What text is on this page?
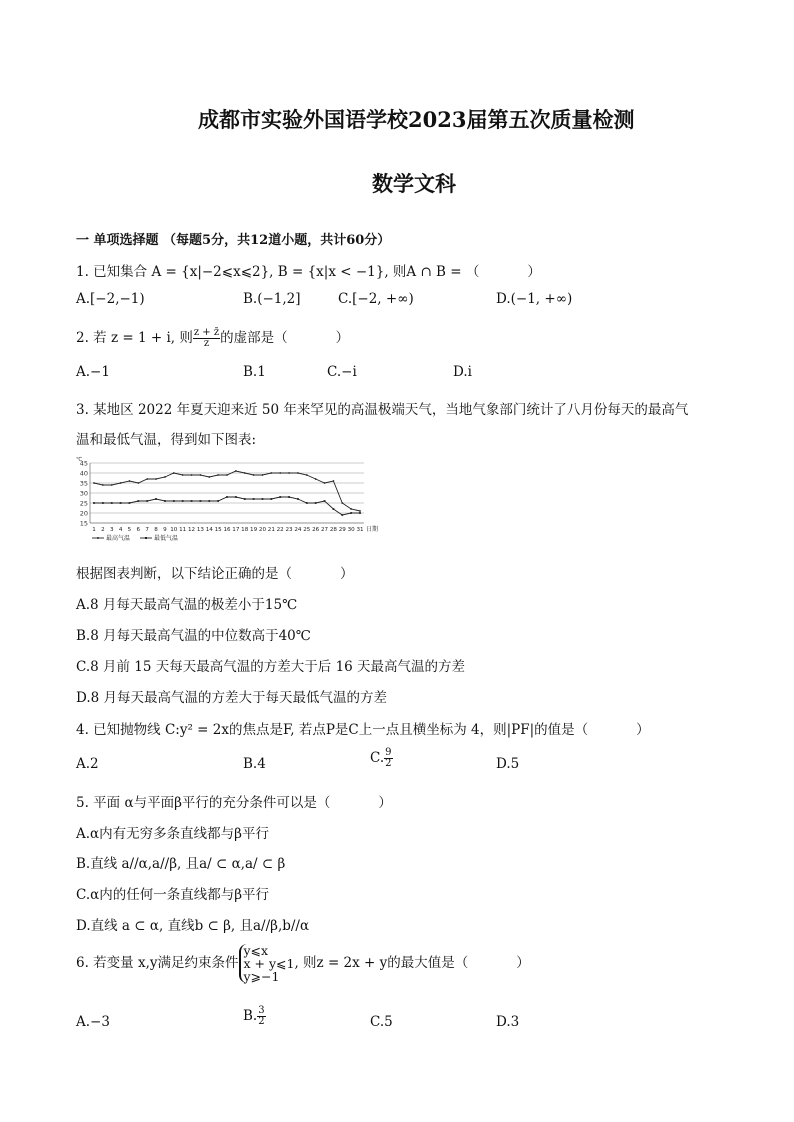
成都市实验外国语学校2023届第五次质量检测
数学文科
一 单项选择题 （每题5分，共12道小题，共计60分）
1. 已知集合 A = {x|−2⩽x⩽2}, B = {x|x < −1}, 则A ∩ B = （	）
A.[−2,−1)	B.(−1,2]	C.[−2, +∞)	D.(−1, +∞)
2. 若 z = 1 + i, 则 $\frac{z + z̄}{z}$ 的虚部是（	）
A.−1	B.1	C.−i	D.i
3. 某地区 2022 年夏天迎来近 50 年来罕见的高温极端天气，当地气象部门统计了八月份每天的最高气
温和最低气温，得到如下图表:
15
20
25
30
35
40
45
℃
1 2 3 4 5 6 7 8 9 10 11 12 13 14 15 16 17 18 19 20 21 22 23 24 25 26 27 28 29 30 31 日期
最高气温	最低气温
根据图表判断，以下结论正确的是（	）
A.8 月每天最高气温的极差小于15℃
B.8 月每天最高气温的中位数高于40℃
C.8 月前 15 天每天最高气温的方差大于后 16 天最高气温的方差
D.8 月每天最高气温的方差大于每天最低气温的方差
4. 已知抛物线 C:y² = 2x的焦点是F, 若点P是C上一点且横坐标为 4，则|PF|的值是（	）
A.2	B.4	C. $\frac{9}{2}$	D.5
5. 平面 α与平面β平行的充分条件可以是（	）
A.α内有无穷多条直线都与β平行
B.直线 a//α,a//β, 且a/ ⊂ α,a/ ⊂ β
C.α内的任何一条直线都与β平行
D.直线 a ⊂ α, 直线b ⊂ β, 且a//β,b//α
6. 若变量 x,y满足约束条件
y⩽x
x + y⩽1
y⩾−1
, 则z = 2x + y的最大值是（	）
A.−3	B. $\frac{3}{2}$	C.5	D.3
